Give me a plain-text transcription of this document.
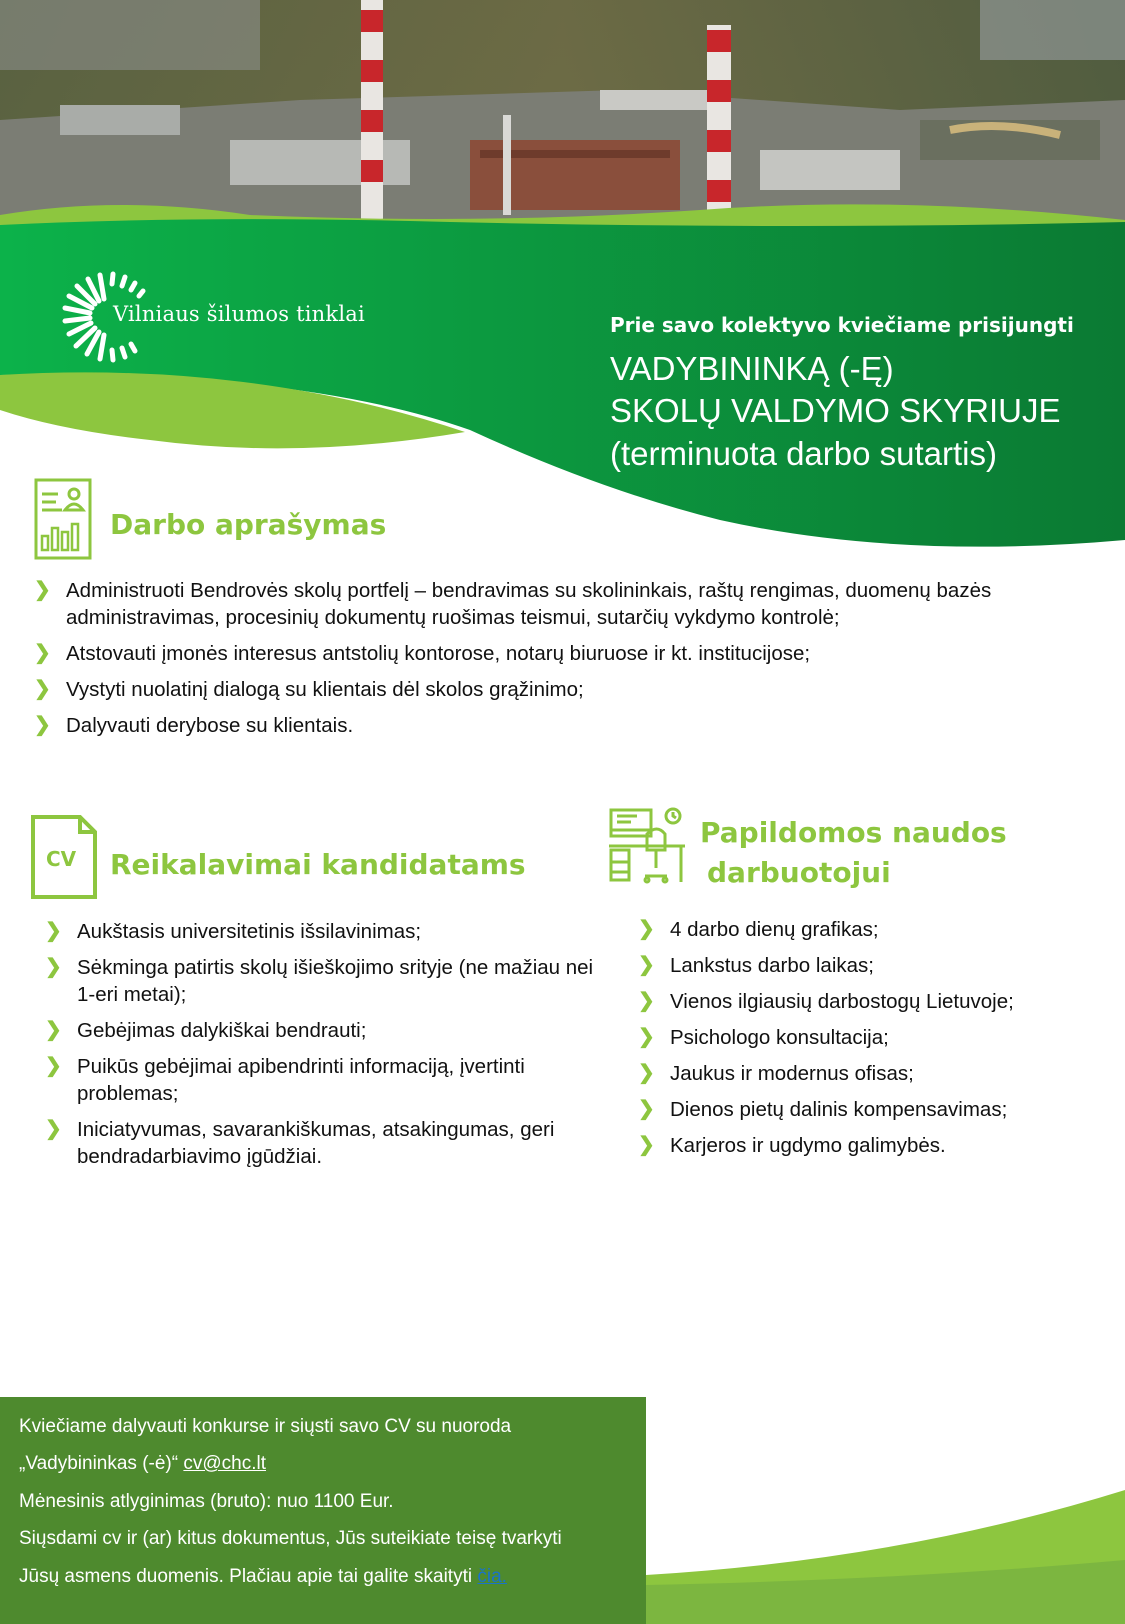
Vilniaus šilumos tinklai	Prie savo kolektyvo kviečiame prisijungti
VADYBININKĄ (-Ę)
SKOLŲ VALDYMO SKYRIUJE
(terminuota darbo sutartis)
Darbo aprašymas
❯ Administruoti Bendrovės skolų portfelį – bendravimas su skolininkais, raštų rengimas, duomenų bazės administravimas, procesinių dokumentų ruošimas teismui, sutarčių vykdymo kontrolė;
❯ Atstovauti įmonės interesus antstolių kontorose, notarų biuruose ir kt. institucijose;
❯ Vystyti nuolatinį dialogą su klientais dėl skolos grąžinimo;
❯ Dalyvauti derybose su klientais.
CV Reikalavimai kandidatams
❯ Aukštasis universitetinis išsilavinimas;
❯ Sėkminga patirtis skolų išieškojimo srityje (ne mažiau nei 1-eri metai);
❯ Gebėjimas dalykiškai bendrauti;
❯ Puikūs gebėjimai apibendrinti informaciją, įvertinti problemas;
❯ Iniciatyvumas, savarankiškumas, atsakingumas, geri bendradarbiavimo įgūdžiai.
Papildomos naudos
darbuotojui
❯ 4 darbo dienų grafikas;
❯ Lankstus darbo laikas;
❯ Vienos ilgiausių darbostogų Lietuvoje;
❯ Psichologo konsultacija;
❯ Jaukus ir modernus ofisas;
❯ Dienos pietų dalinis kompensavimas;
❯ Karjeros ir ugdymo galimybės.
Kviečiame dalyvauti konkurse ir siųsti savo CV su nuoroda
„Vadybininkas (-ė)“ cv@chc.lt
Mėnesinis atlyginimas (bruto): nuo 1100 Eur.
Siųsdami cv ir (ar) kitus dokumentus, Jūs suteikiate teisę tvarkyti
Jūsų asmens duomenis. Plačiau apie tai galite skaityti čia.
